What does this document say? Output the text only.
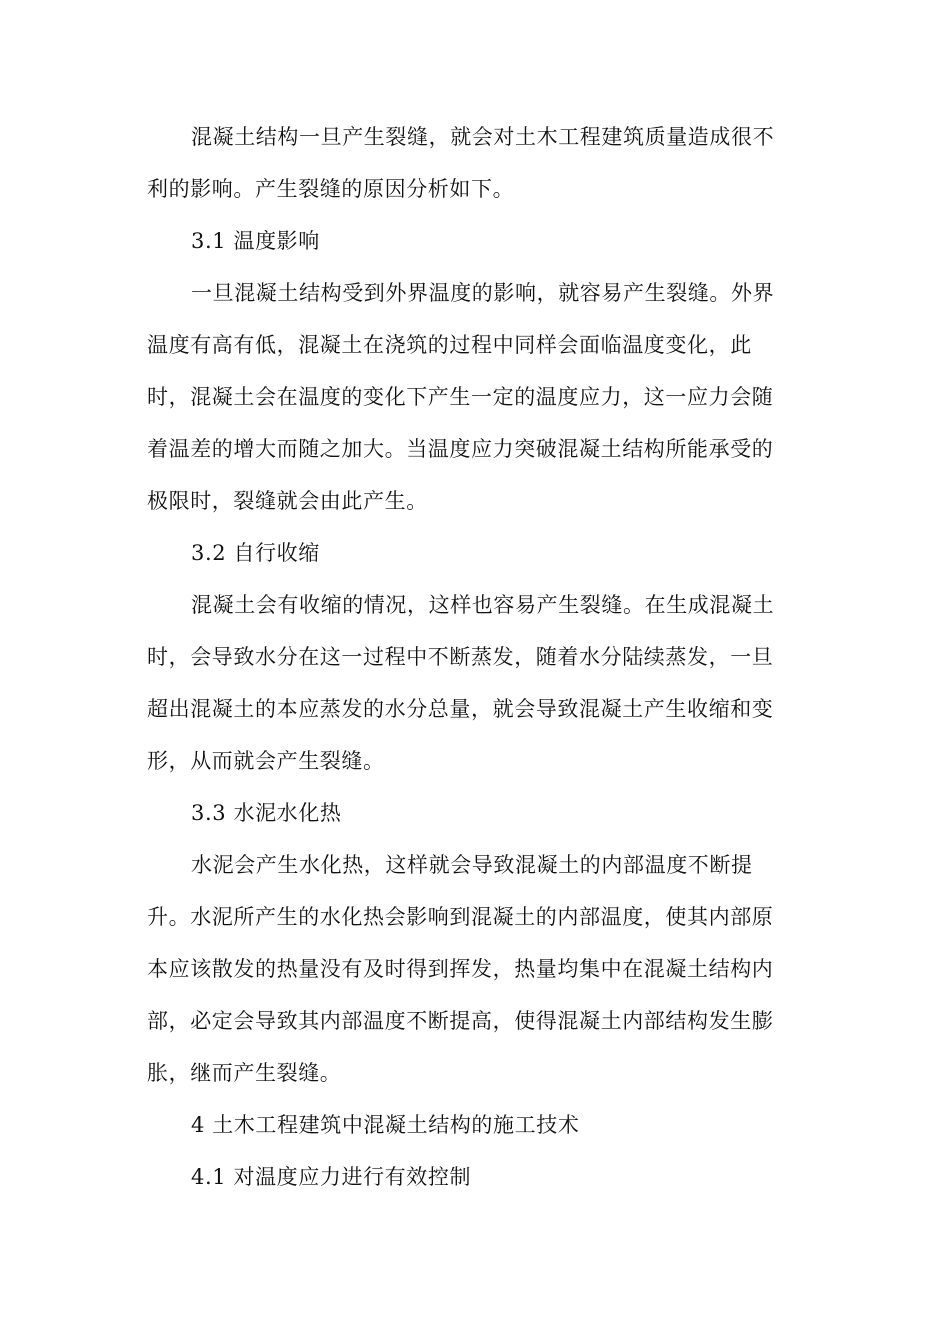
混凝土结构一旦产生裂缝，就会对土木工程建筑质量造成很不
利的影响。产生裂缝的原因分析如下。
3.1 温度影响
一旦混凝土结构受到外界温度的影响，就容易产生裂缝。外界
温度有高有低，混凝土在浇筑的过程中同样会面临温度变化，此
时，混凝土会在温度的变化下产生一定的温度应力，这一应力会随
着温差的增大而随之加大。当温度应力突破混凝土结构所能承受的
极限时，裂缝就会由此产生。
3.2 自行收缩
混凝土会有收缩的情况，这样也容易产生裂缝。在生成混凝土
时，会导致水分在这一过程中不断蒸发，随着水分陆续蒸发，一旦
超出混凝土的本应蒸发的水分总量，就会导致混凝土产生收缩和变
形，从而就会产生裂缝。
3.3 水泥水化热
水泥会产生水化热，这样就会导致混凝土的内部温度不断提
升。水泥所产生的水化热会影响到混凝土的内部温度，使其内部原
本应该散发的热量没有及时得到挥发，热量均集中在混凝土结构内
部，必定会导致其内部温度不断提高，使得混凝土内部结构发生膨
胀，继而产生裂缝。
4 土木工程建筑中混凝土结构的施工技术
4.1 对温度应力进行有效控制
